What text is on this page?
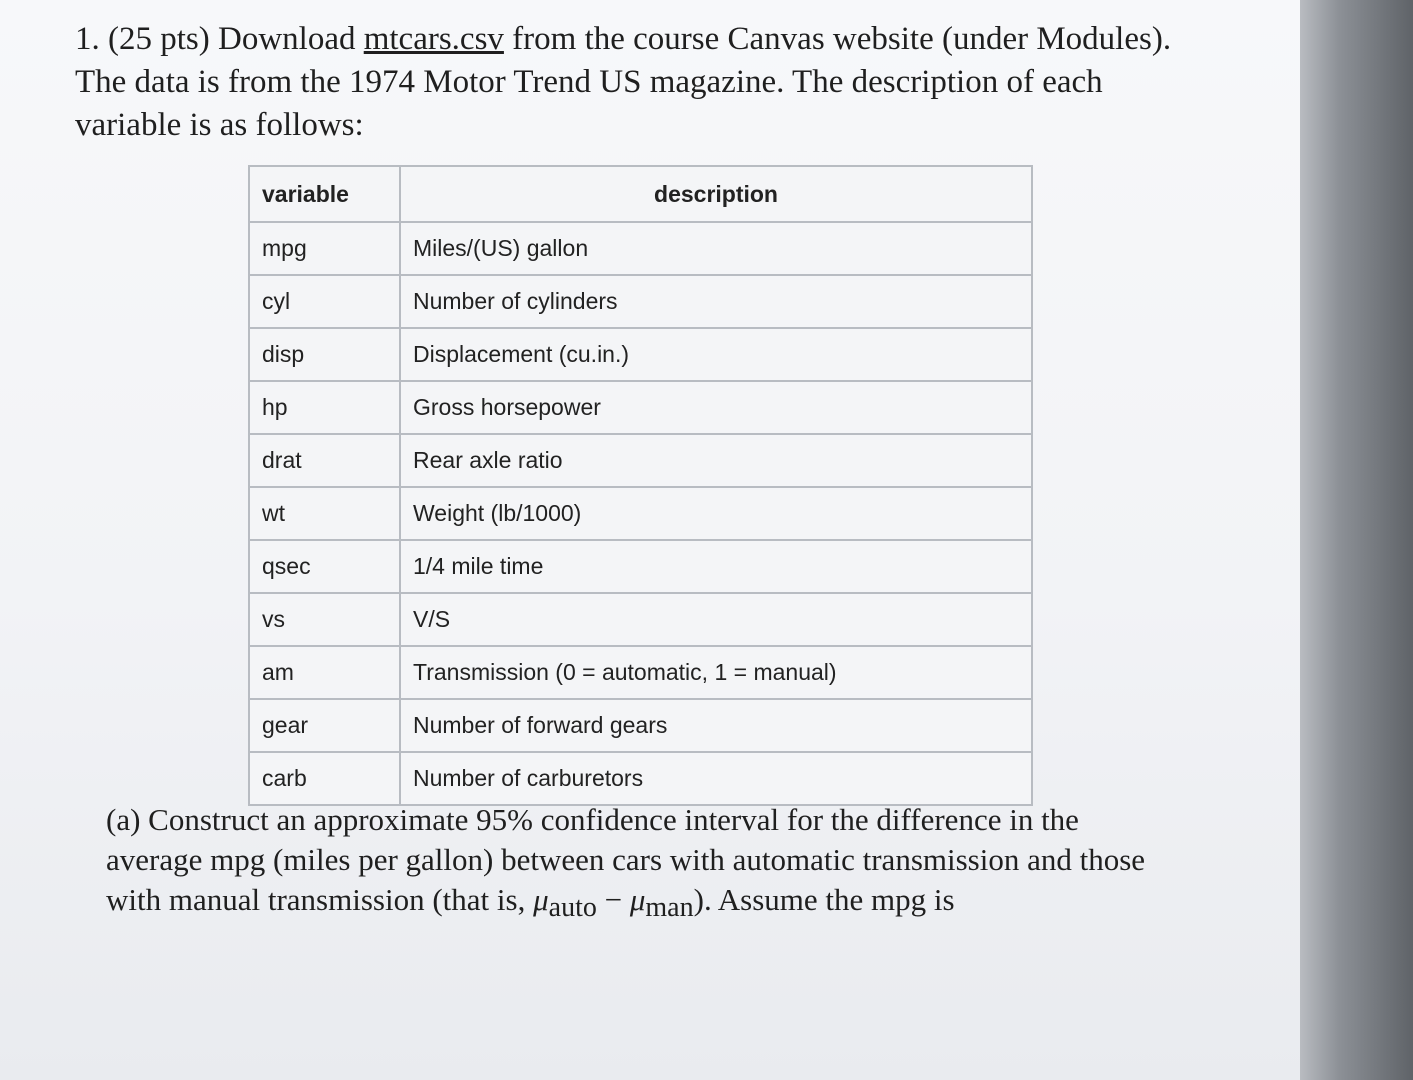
1. (25 pts) Download mtcars.csv from the course Canvas website (under Modules). The data is from the 1974 Motor Trend US magazine. The description of each variable is as follows:
variable	description
mpg	Miles/(US) gallon
cyl	Number of cylinders
disp	Displacement (cu.in.)
hp	Gross horsepower
drat	Rear axle ratio
wt	Weight (lb/1000)
qsec	1/4 mile time
vs	V/S
am	Transmission (0 = automatic, 1 = manual)
gear	Number of forward gears
carb	Number of carburetors
(a) Construct an approximate 95% confidence interval for the difference in the average mpg (miles per gallon) between cars with automatic transmission and those with manual transmission (that is, μauto − μman). Assume the mpg is
